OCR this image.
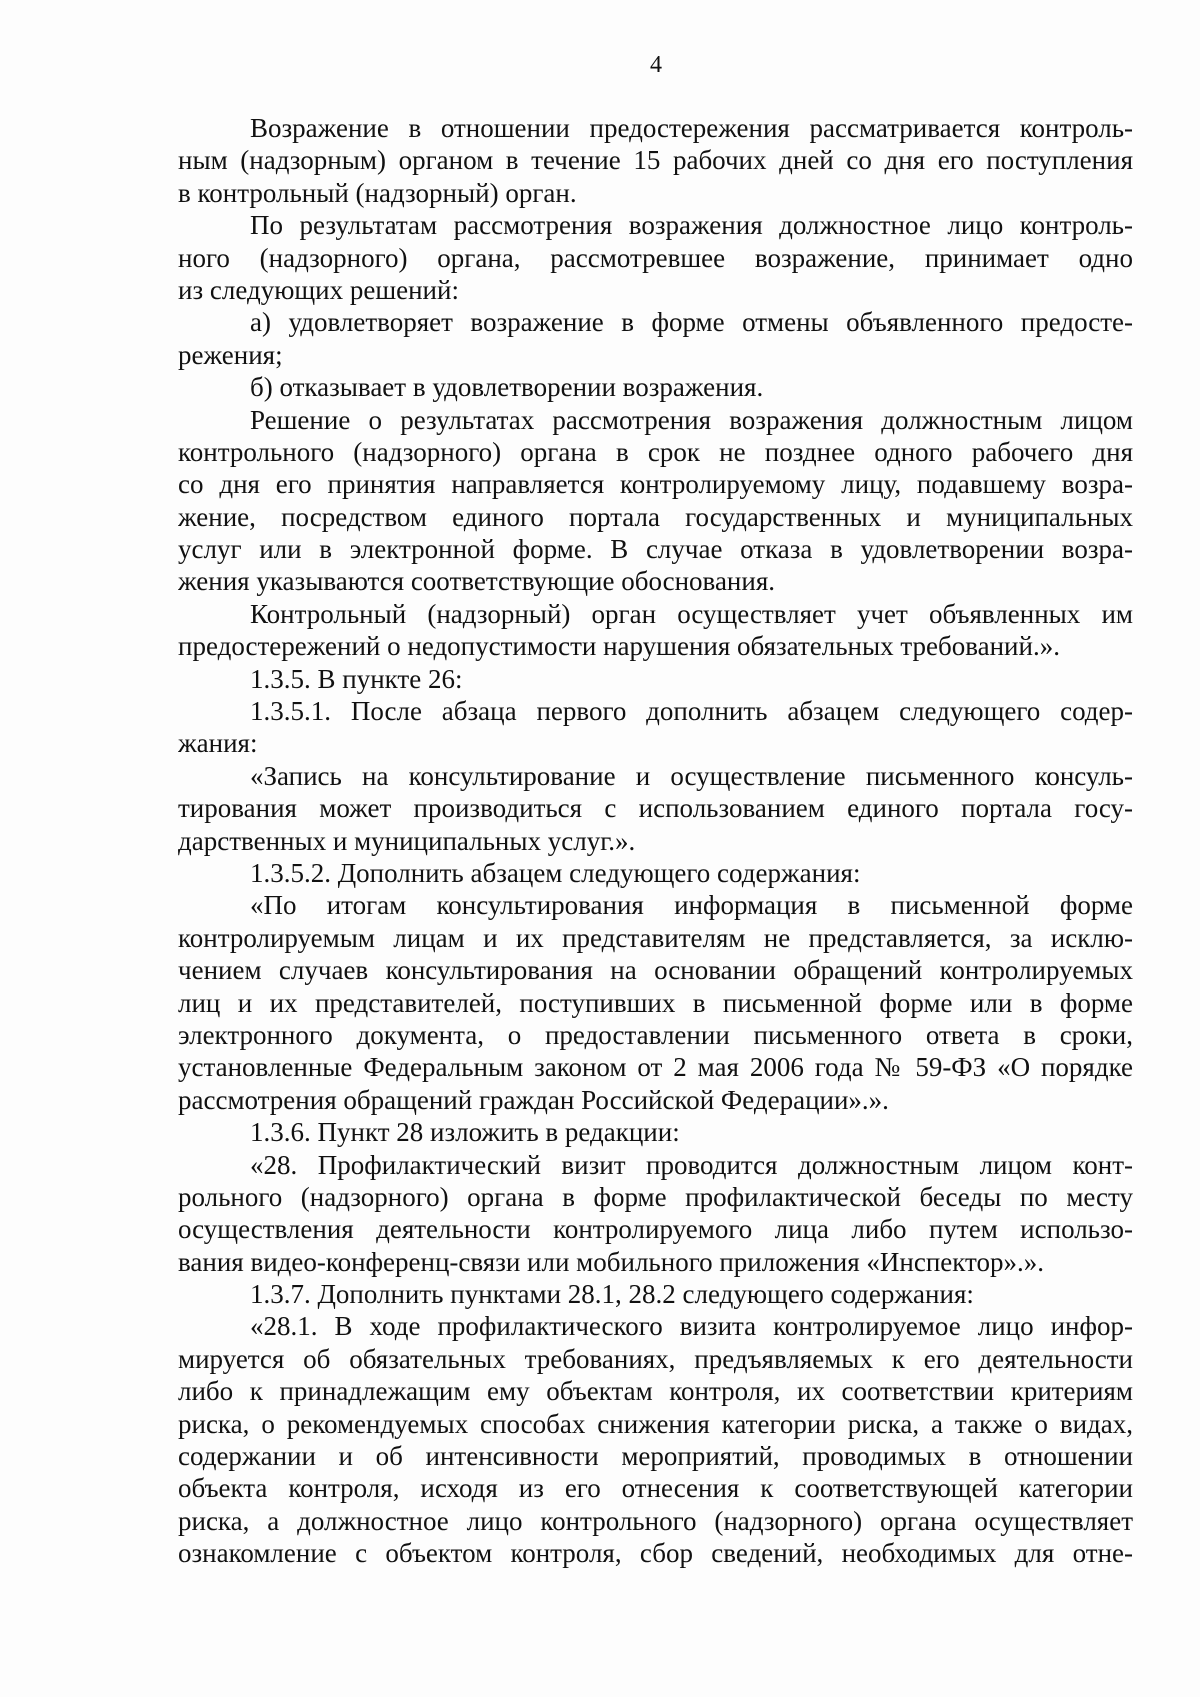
4
Возражение в отношении предостережения рассматривается контроль-
ным (надзорным) органом в течение 15 рабочих дней со дня его поступления
в контрольный (надзорный) орган.
По результатам рассмотрения возражения должностное лицо контроль-
ного (надзорного) органа, рассмотревшее возражение, принимает одно
из следующих решений:
а) удовлетворяет возражение в форме отмены объявленного предосте-
режения;
б) отказывает в удовлетворении возражения.
Решение о результатах рассмотрения возражения должностным лицом
контрольного (надзорного) органа в срок не позднее одного рабочего дня
со дня его принятия направляется контролируемому лицу, подавшему возра-
жение, посредством единого портала государственных и муниципальных
услуг или в электронной форме. В случае отказа в удовлетворении возра-
жения указываются соответствующие обоснования.
Контрольный (надзорный) орган осуществляет учет объявленных им
предостережений о недопустимости нарушения обязательных требований.».
1.3.5. В пункте 26:
1.3.5.1. После абзаца первого дополнить абзацем следующего содер-
жания:
«Запись на консультирование и осуществление письменного консуль-
тирования может производиться с использованием единого портала госу-
дарственных и муниципальных услуг.».
1.3.5.2. Дополнить абзацем следующего содержания:
«По итогам консультирования информация в письменной форме
контролируемым лицам и их представителям не представляется, за исклю-
чением случаев консультирования на основании обращений контролируемых
лиц и их представителей, поступивших в письменной форме или в форме
электронного документа, о предоставлении письменного ответа в сроки,
установленные Федеральным законом от 2 мая 2006 года № 59-ФЗ «О порядке
рассмотрения обращений граждан Российской Федерации».».
1.3.6. Пункт 28 изложить в редакции:
«28. Профилактический визит проводится должностным лицом конт-
рольного (надзорного) органа в форме профилактической беседы по месту
осуществления деятельности контролируемого лица либо путем использо-
вания видео-конференц-связи или мобильного приложения «Инспектор».».
1.3.7. Дополнить пунктами 28.1, 28.2 следующего содержания:
«28.1. В ходе профилактического визита контролируемое лицо инфор-
мируется об обязательных требованиях, предъявляемых к его деятельности
либо к принадлежащим ему объектам контроля, их соответствии критериям
риска, о рекомендуемых способах снижения категории риска, а также о видах,
содержании и об интенсивности мероприятий, проводимых в отношении
объекта контроля, исходя из его отнесения к соответствующей категории
риска, а должностное лицо контрольного (надзорного) органа осуществляет
ознакомление с объектом контроля, сбор сведений, необходимых для отне-
